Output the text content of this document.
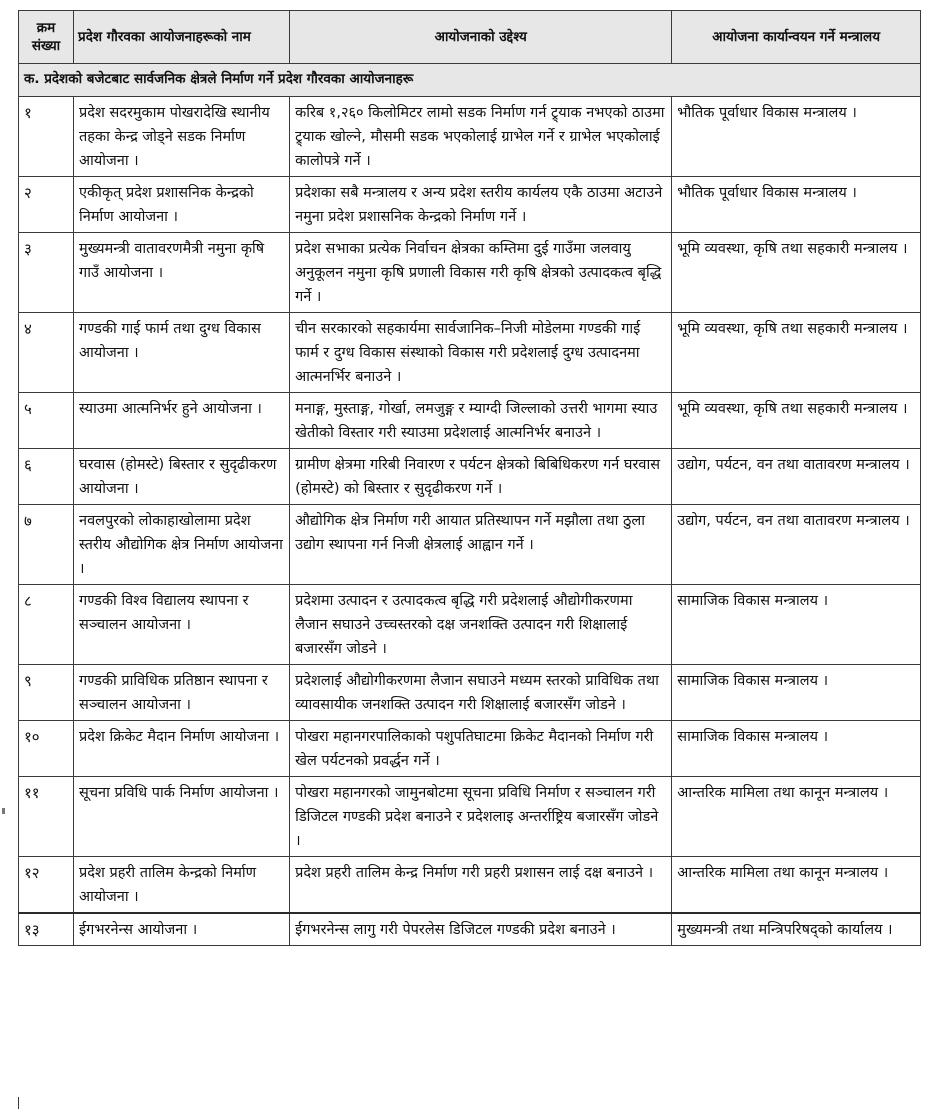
क्रम संख्या	प्रदेश गौरवका आयोजनाहरूको नाम	आयोजनाको उद्देश्य	आयोजना कार्यान्वयन गर्ने मन्त्रालय
क. प्रदेशको बजेटबाट सार्वजनिक क्षेत्रले निर्माण गर्ने प्रदेश गौरवका आयोजनाहरू			
१	प्रदेश सदरमुकाम पोखरादेखि स्थानीय तहका केन्द्र जोड्ने सडक निर्माण आयोजना ।	करिब १,२६० किलोमिटर लामो सडक निर्माण गर्न ट्र्याक नभएको ठाउमा ट्र्याक खोल्ने, मौसमी सडक भएकोलाई ग्राभेल गर्ने र ग्राभेल भएकोलाई कालोपत्रे गर्ने ।	भौतिक पूर्वाधार विकास मन्त्रालय ।
२	एकीकृत् प्रदेश प्रशासनिक केन्द्रको निर्माण आयोजना ।	प्रदेशका सबै मन्त्रालय र अन्य प्रदेश स्तरीय कार्यलय एकै ठाउमा अटाउने नमुना प्रदेश प्रशासनिक केन्द्रको निर्माण गर्ने ।	भौतिक पूर्वाधार विकास मन्त्रालय ।
३	मुख्यमन्त्री वातावरणमैत्री नमुना कृषि गाउँ आयोजना ।	प्रदेश सभाका प्रत्येक निर्वाचन क्षेत्रका कम्तिमा दुई गाउँमा जलवायु अनुकूलन नमुना कृषि प्रणाली विकास गरी कृषि क्षेत्रको उत्पादकत्व बृद्धि गर्ने ।	भूमि व्यवस्था, कृषि तथा सहकारी मन्त्रालय ।
४	गण्डकी गाई फार्म तथा दुग्ध विकास आयोजना ।	चीन सरकारको सहकार्यमा सार्वजानिक–निजी मोडेलमा गण्डकी गाई फार्म र दुग्ध विकास संस्थाको विकास गरी प्रदेशलाई दुग्ध उत्पादनमा आत्मनर्भिर बनाउने ।	भूमि व्यवस्था, कृषि तथा सहकारी मन्त्रालय ।
५	स्याउमा आत्मनिर्भर हुने आयोजना ।	मनाङ्ग, मुस्ताङ्ग, गोर्खा, लमजुङ्ग र म्याग्दी जिल्लाको उत्तरी भागमा स्याउ खेतीको विस्तार गरी स्याउमा प्रदेशलाई आत्मनिर्भर बनाउने ।	भूमि व्यवस्था, कृषि तथा सहकारी मन्त्रालय ।
६	घरवास (होमस्टे) बिस्तार र सुदृढीकरण आयोजना ।	ग्रामीण क्षेत्रमा गरिबी निवारण र पर्यटन क्षेत्रको बिबिधिकरण गर्न घरवास (होमस्टे) को बिस्तार र सुदृढीकरण गर्ने ।	उद्योग, पर्यटन, वन तथा वातावरण मन्त्रालय ।
७	नवलपुरको लोकाहाखोलामा प्रदेश स्तरीय औद्योगिक क्षेत्र निर्माण आयोजना ।	औद्योगिक क्षेत्र निर्माण गरी आयात प्रतिस्थापन गर्ने मझौला तथा ठुला उद्योग स्थापना गर्न निजी क्षेत्रलाई आह्वान गर्ने ।	उद्योग, पर्यटन, वन तथा वातावरण मन्त्रालय ।
८	गण्डकी विश्व विद्यालय स्थापना र सञ्चालन आयोजना ।	प्रदेशमा उत्पादन र उत्पादकत्व बृद्धि गरी प्रदेशलाई औद्योगीकरणमा लैजान सघाउने उच्चस्तरको दक्ष जनशक्ति उत्पादन गरी शिक्षालाई बजारसँग जोडने ।	सामाजिक विकास मन्त्रालय ।
९	गण्डकी प्राविधिक प्रतिष्ठान स्थापना र सञ्चालन आयोजना ।	प्रदेशलाई औद्योगीकरणमा लैजान सघाउने मध्यम स्तरको प्राविधिक तथा व्यावसायीक जनशक्ति उत्पादन गरी शिक्षालाई बजारसँग जोडने ।	सामाजिक विकास मन्त्रालय ।
१०	प्रदेश क्रिकेट मैदान निर्माण आयोजना ।	पोखरा महानगरपालिकाको पशुपतिघाटमा क्रिकेट मैदानको निर्माण गरी खेल पर्यटनको प्रवर्द्धन गर्ने ।	सामाजिक विकास मन्त्रालय ।
११	सूचना प्रविधि पार्क निर्माण आयोजना ।	पोखरा महानगरको जामुनबोटमा सूचना प्रविधि निर्माण र सञ्चालन गरी डिजिटल गण्डकी प्रदेश बनाउने र प्रदेशलाइ अन्तर्राष्ट्रिय बजारसँग जोडने ।	आन्तरिक मामिला तथा कानून मन्त्रालय ।
१२	प्रदेश प्रहरी तालिम केन्द्रको निर्माण आयोजना ।	प्रदेश प्रहरी तालिम केन्द्र निर्माण गरी प्रहरी प्रशासन लाई दक्ष बनाउने ।	आन्तरिक मामिला तथा कानून मन्त्रालय ।
१३	ईगभरनेन्स आयोजना ।	ईगभरनेन्स लागु गरी पेपरलेस डिजिटल गण्डकी प्रदेश बनाउने ।	मुख्यमन्त्री तथा मन्त्रिपरिषद्को कार्यालय ।
